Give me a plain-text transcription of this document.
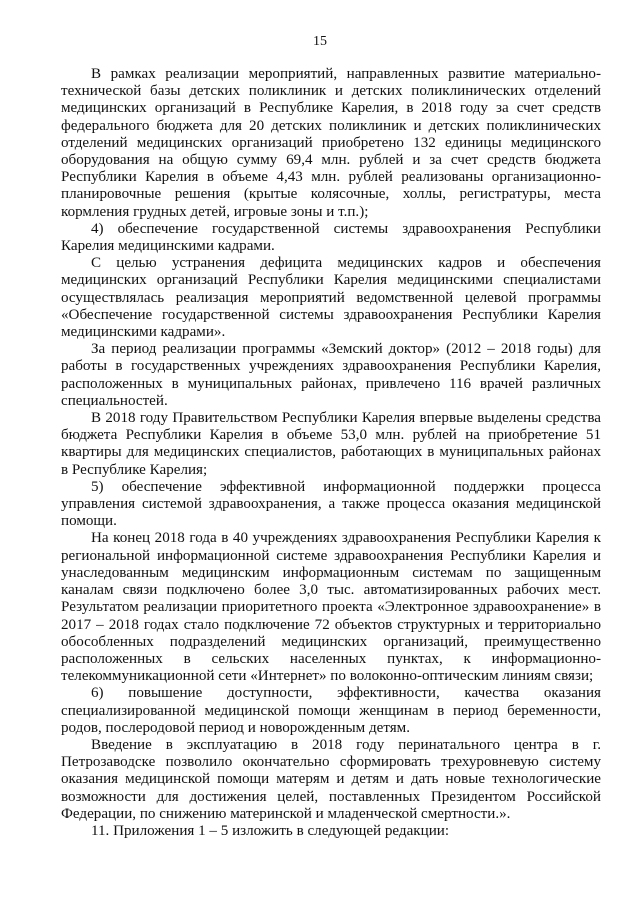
15

В рамках реализации мероприятий, направленных развитие материально-технической базы детских поликлиник и детских поликлинических отделений медицинских организаций в Республике Карелия, в 2018 году за счет средств федерального бюджета для 20 детских поликлиник и детских поликлинических отделений медицинских организаций приобретено 132 единицы медицинского оборудования на общую сумму 69,4 млн. рублей и за счет средств бюджета Республики Карелия в объеме 4,43 млн. рублей реализованы организационно-планировочные решения (крытые колясочные, холлы, регистратуры, места кормления грудных детей, игровые зоны и т.п.);

4) обеспечение государственной системы здравоохранения Республики Карелия медицинскими кадрами.

С целью устранения дефицита медицинских кадров и обеспечения медицинских организаций Республики Карелия медицинскими специалистами осуществлялась реализация мероприятий ведомственной целевой программы «Обеспечение государственной системы здравоохранения Республики Карелия медицинскими кадрами».

За период реализации программы «Земский доктор» (2012 – 2018 годы) для работы в государственных учреждениях здравоохранения Республики Карелия, расположенных в муниципальных районах, привлечено 116 врачей различных специальностей.

В 2018 году Правительством Республики Карелия впервые выделены средства бюджета Республики Карелия в объеме 53,0 млн. рублей на приобретение 51 квартиры для медицинских специалистов, работающих в муниципальных районах в Республике Карелия;

5) обеспечение эффективной информационной поддержки процесса управления системой здравоохранения, а также процесса оказания медицинской помощи.

На конец 2018 года в 40 учреждениях здравоохранения Республики Карелия к региональной информационной системе здравоохранения Республики Карелия и унаследованным медицинским информационным системам по защищенным каналам связи подключено более 3,0 тыс. автоматизированных рабочих мест. Результатом реализации приоритетного проекта «Электронное здравоохранение» в 2017 – 2018 годах стало подключение 72 объектов структурных и территориально обособленных подразделений медицинских организаций, преимущественно расположенных в сельских населенных пунктах, к информационно-телекоммуникационной сети «Интернет» по волоконно-оптическим линиям связи;

6) повышение доступности, эффективности, качества оказания специализированной медицинской помощи женщинам в период беременности, родов, послеродовой период и новорожденным детям.

Введение в эксплуатацию в 2018 году перинатального центра в г. Петрозаводске позволило окончательно сформировать трехуровневую систему оказания медицинской помощи матерям и детям и дать новые технологические возможности для достижения целей, поставленных Президентом Российской Федерации, по снижению материнской и младенческой смертности.».

11. Приложения 1 – 5 изложить в следующей редакции:
